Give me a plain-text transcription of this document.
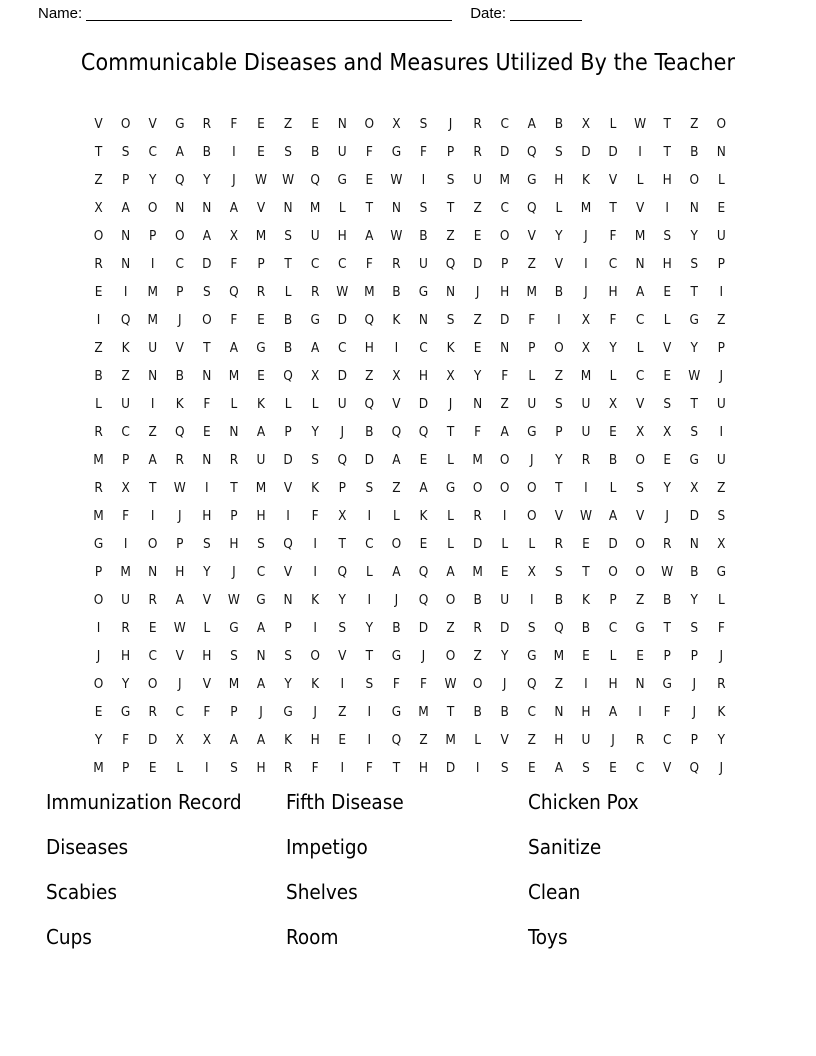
Name:	Date:
Communicable Diseases and Measures Utilized By the Teacher
V	O	V	G	R	F	E	Z	E	N	O	X	S	J	R	C	A	B	X	L	W	T	Z	O
T	S	C	A	B	I	E	S	B	U	F	G	F	P	R	D	Q	S	D	D	I	T	B	N
Z	P	Y	Q	Y	J	W	W	Q	G	E	W	I	S	U	M	G	H	K	V	L	H	O	L
X	A	O	N	N	A	V	N	M	L	T	N	S	T	Z	C	Q	L	M	T	V	I	N	E
O	N	P	O	A	X	M	S	U	H	A	W	B	Z	E	O	V	Y	J	F	M	S	Y	U
R	N	I	C	D	F	P	T	C	C	F	R	U	Q	D	P	Z	V	I	C	N	H	S	P
E	I	M	P	S	Q	R	L	R	W	M	B	G	N	J	H	M	B	J	H	A	E	T	I
I	Q	M	J	O	F	E	B	G	D	Q	K	N	S	Z	D	F	I	X	F	C	L	G	Z
Z	K	U	V	T	A	G	B	A	C	H	I	C	K	E	N	P	O	X	Y	L	V	Y	P
B	Z	N	B	N	M	E	Q	X	D	Z	X	H	X	Y	F	L	Z	M	L	C	E	W	J
L	U	I	K	F	L	K	L	L	U	Q	V	D	J	N	Z	U	S	U	X	V	S	T	U
R	C	Z	Q	E	N	A	P	Y	J	B	Q	Q	T	F	A	G	P	U	E	X	X	S	I
M	P	A	R	N	R	U	D	S	Q	D	A	E	L	M	O	J	Y	R	B	O	E	G	U
R	X	T	W	I	T	M	V	K	P	S	Z	A	G	O	O	O	T	I	L	S	Y	X	Z
M	F	I	J	H	P	H	I	F	X	I	L	K	L	R	I	O	V	W	A	V	J	D	S
G	I	O	P	S	H	S	Q	I	T	C	O	E	L	D	L	L	R	E	D	O	R	N	X
P	M	N	H	Y	J	C	V	I	Q	L	A	Q	A	M	E	X	S	T	O	O	W	B	G
O	U	R	A	V	W	G	N	K	Y	I	J	Q	O	B	U	I	B	K	P	Z	B	Y	L
I	R	E	W	L	G	A	P	I	S	Y	B	D	Z	R	D	S	Q	B	C	G	T	S	F
J	H	C	V	H	S	N	S	O	V	T	G	J	O	Z	Y	G	M	E	L	E	P	P	J
O	Y	O	J	V	M	A	Y	K	I	S	F	F	W	O	J	Q	Z	I	H	N	G	J	R
E	G	R	C	F	P	J	G	J	Z	I	G	M	T	B	B	C	N	H	A	I	F	J	K
Y	F	D	X	X	A	A	K	H	E	I	Q	Z	M	L	V	Z	H	U	J	R	C	P	Y
M	P	E	L	I	S	H	R	F	I	F	T	H	D	I	S	E	A	S	E	C	V	Q	J
Immunization Record	Fifth Disease	Chicken Pox
Diseases	Impetigo	Sanitize
Scabies	Shelves	Clean
Cups	Room	Toys
